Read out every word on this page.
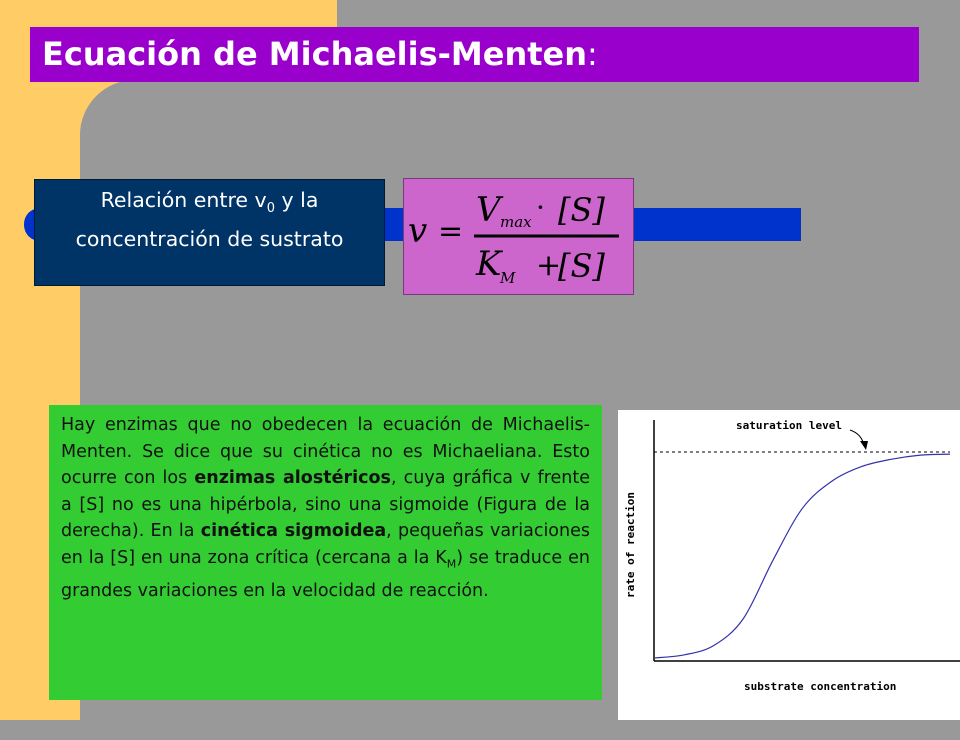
Ecuación de Michaelis-Menten:
Relación entre $v_0$ y la concentración de sustrato	v =
V max · [S]
K
M +
[S]
Hay enzimas que no obedecen la ecuación de Michaelis-Menten. Se dice que su cinética no es Michaeliana. Esto ocurre con los enzimas alostéricos, cuya gráfica v frente a [S] no es una hipérbola, sino una sigmoide (Figura de la derecha). En la cinética sigmoidea, pequeñas variaciones en la [S] en una zona crítica (cercana a la $K_M$) se traduce en grandes variaciones en la velocidad de reacción.
saturation level
rate of reaction
substrate concentration
